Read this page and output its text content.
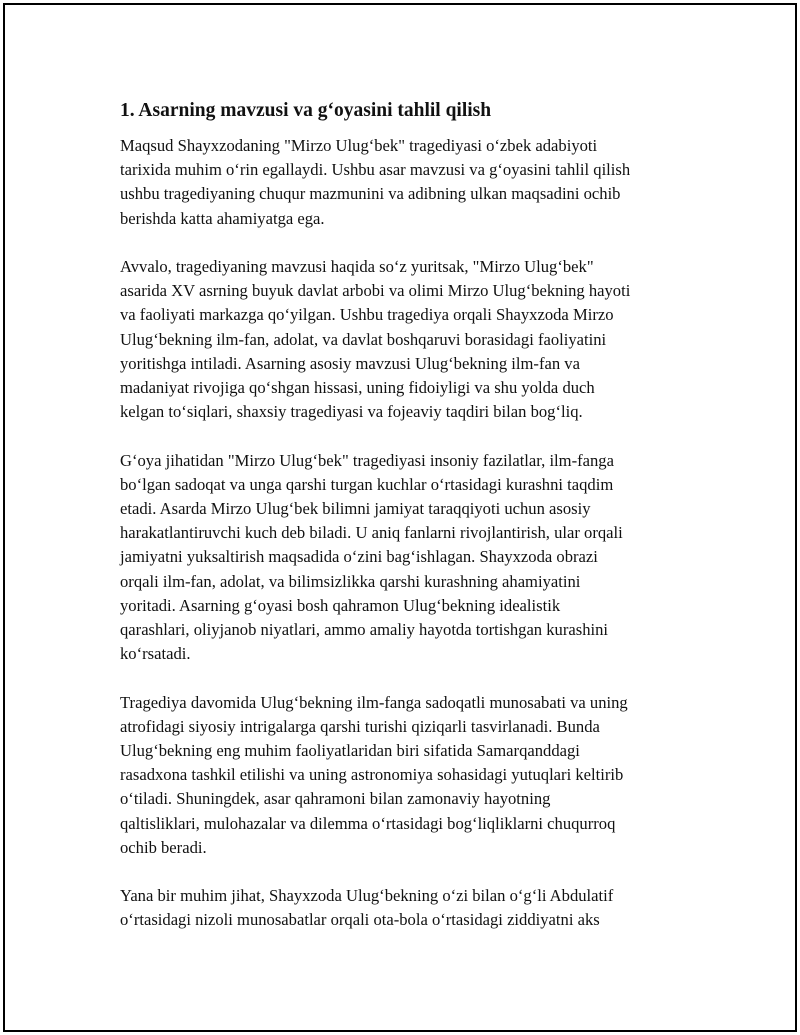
1. Asarning mavzusi va g‘oyasini tahlil qilish

Maqsud Shayxzodaning "Mirzo Ulug‘bek" tragediyasi o‘zbek adabiyoti
tarixida muhim o‘rin egallaydi. Ushbu asar mavzusi va g‘oyasini tahlil qilish
ushbu tragediyaning chuqur mazmunini va adibning ulkan maqsadini ochib
berishda katta ahamiyatga ega.

Avvalo, tragediyaning mavzusi haqida so‘z yuritsak, "Mirzo Ulug‘bek"
asarida XV asrning buyuk davlat arbobi va olimi Mirzo Ulug‘bekning hayoti
va faoliyati markazga qo‘yilgan. Ushbu tragediya orqali Shayxzoda Mirzo
Ulug‘bekning ilm-fan, adolat, va davlat boshqaruvi borasidagi faoliyatini
yoritishga intiladi. Asarning asosiy mavzusi Ulug‘bekning ilm-fan va
madaniyat rivojiga qo‘shgan hissasi, uning fidoiyligi va shu yolda duch
kelgan to‘siqlari, shaxsiy tragediyasi va fojeaviy taqdiri bilan bog‘liq.

G‘oya jihatidan "Mirzo Ulug‘bek" tragediyasi insoniy fazilatlar, ilm-fanga
bo‘lgan sadoqat va unga qarshi turgan kuchlar o‘rtasidagi kurashni taqdim
etadi. Asarda Mirzo Ulug‘bek bilimni jamiyat taraqqiyoti uchun asosiy
harakatlantiruvchi kuch deb biladi. U aniq fanlarni rivojlantirish, ular orqali
jamiyatni yuksaltirish maqsadida o‘zini bag‘ishlagan. Shayxzoda obrazi
orqali ilm-fan, adolat, va bilimsizlikka qarshi kurashning ahamiyatini
yoritadi. Asarning g‘oyasi bosh qahramon Ulug‘bekning idealistik
qarashlari, oliyjanob niyatlari, ammo amaliy hayotda tortishgan kurashini
ko‘rsatadi.

Tragediya davomida Ulug‘bekning ilm-fanga sadoqatli munosabati va uning
atrofidagi siyosiy intrigalarga qarshi turishi qiziqarli tasvirlanadi. Bunda
Ulug‘bekning eng muhim faoliyatlaridan biri sifatida Samarqanddagi
rasadxona tashkil etilishi va uning astronomiya sohasidagi yutuqlari keltirib
o‘tiladi. Shuningdek, asar qahramoni bilan zamonaviy hayotning
qaltisliklari, mulohazalar va dilemma o‘rtasidagi bog‘liqliklarni chuqurroq
ochib beradi.

Yana bir muhim jihat, Shayxzoda Ulug‘bekning o‘zi bilan o‘g‘li Abdulatif
o‘rtasidagi nizoli munosabatlar orqali ota-bola o‘rtasidagi ziddiyatni aks
